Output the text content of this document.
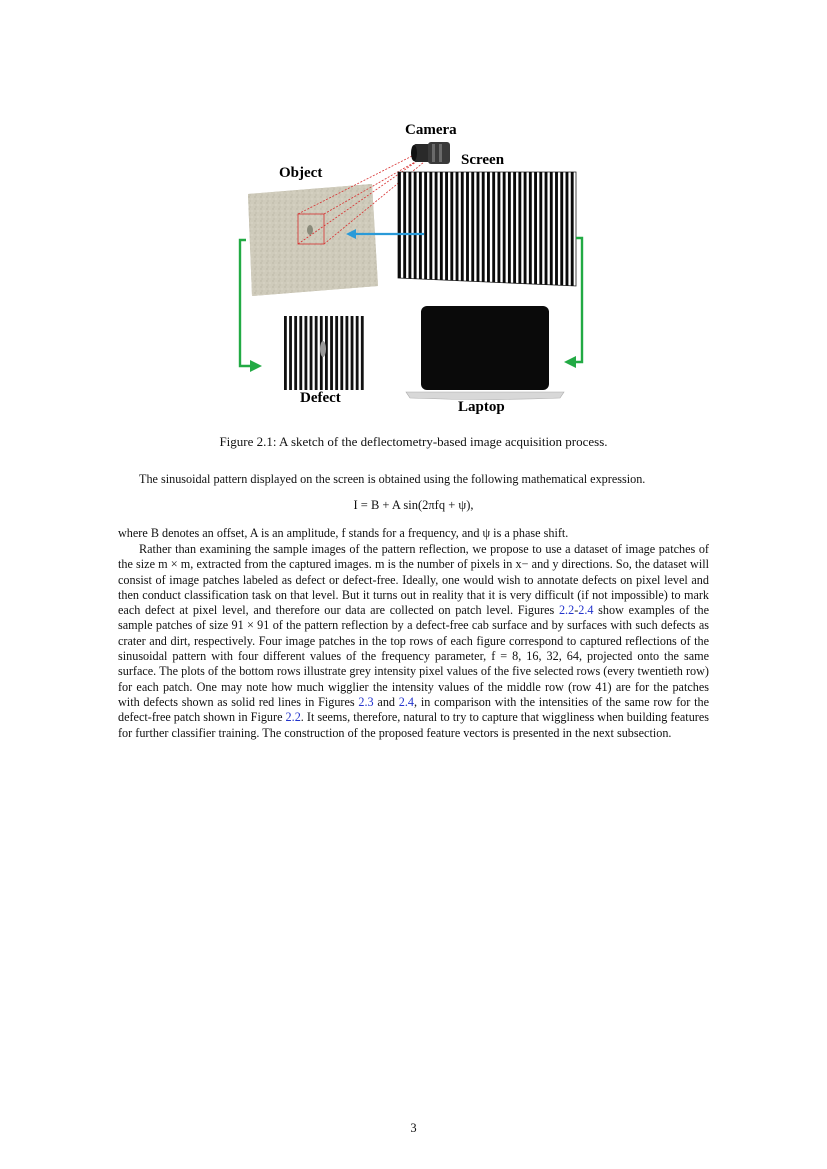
Camera
Screen
Object
Defect
Laptop
Figure 2.1: A sketch of the deflectometry-based image acquisition process.

The sinusoidal pattern displayed on the screen is obtained using the following mathematical expression.

I = B + A sin(2πfq + ψ),

where B denotes an offset, A is an amplitude, f stands for a frequency, and ψ is a phase shift.

Rather than examining the sample images of the pattern reflection, we propose to use a dataset of image patches of the size m × m, extracted from the captured images. m is the number of pixels in x− and y directions. So, the dataset will consist of image patches labeled as defect or defect-free. Ideally, one would wish to annotate defects on pixel level and then conduct classification task on that level. But it turns out in reality that it is very difficult (if not impossible) to mark each defect at pixel level, and therefore our data are collected on patch level. Figures 2.2-2.4 show examples of the sample patches of size 91 × 91 of the pattern reflection by a defect-free cab surface and by surfaces with such defects as crater and dirt, respectively. Four image patches in the top rows of each figure correspond to captured reflections of the sinusoidal pattern with four different values of the frequency parameter, f = 8, 16, 32, 64, projected onto the same surface. The plots of the bottom rows illustrate grey intensity pixel values of the five selected rows (every twentieth row) for each patch. One may note how much wigglier the intensity values of the middle row (row 41) are for the patches with defects shown as solid red lines in Figures 2.3 and 2.4, in comparison with the intensities of the same row for the defect-free patch shown in Figure 2.2. It seems, therefore, natural to try to capture that wiggliness when building features for further classifier training. The construction of the proposed feature vectors is presented in the next subsection.

3
